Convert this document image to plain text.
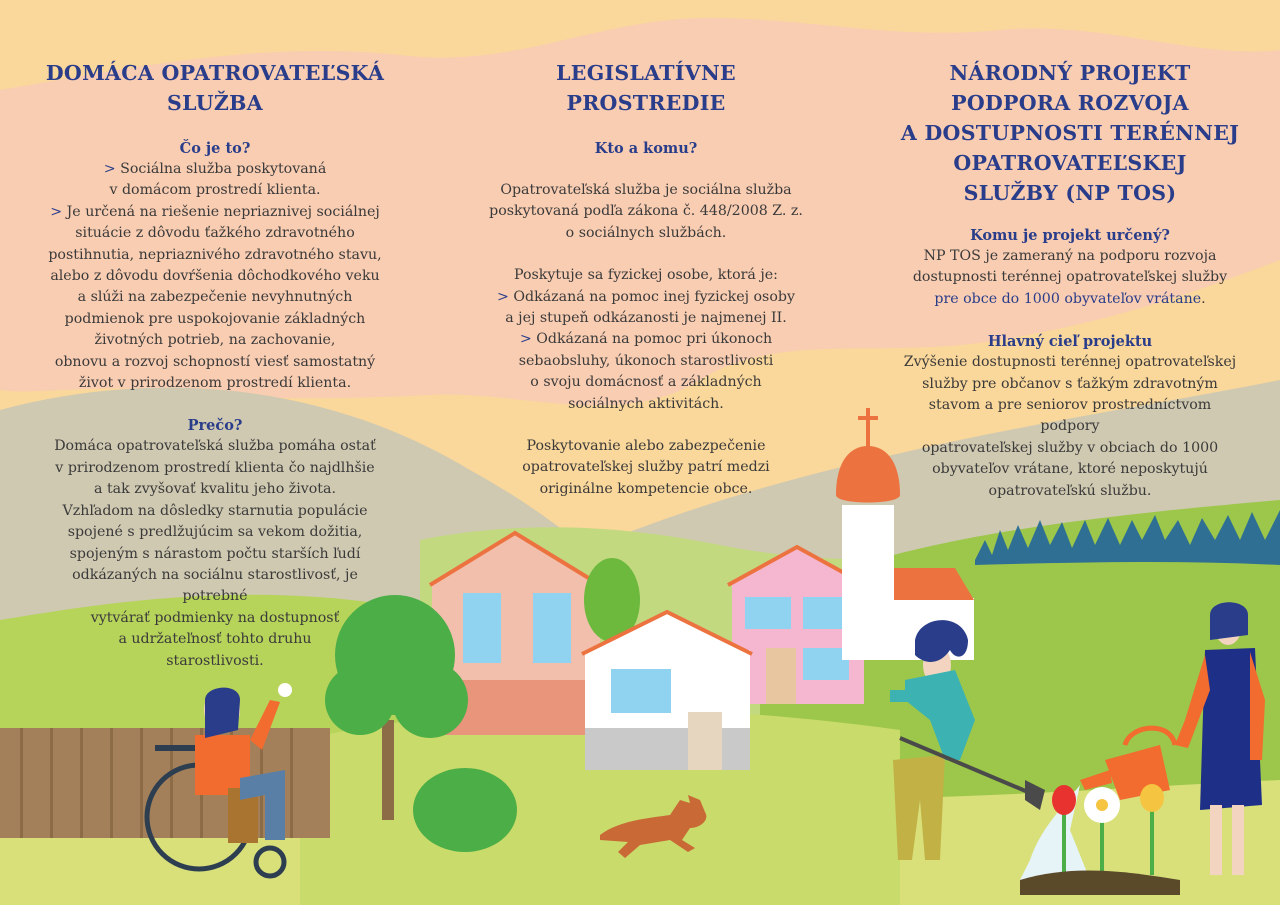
DOMÁCA OPATROVATEĽSKÁ
SLUŽBA
Čo je to?

> Sociálna služba poskytovaná

v domácom prostredí klienta.

> Je určená na riešenie nepriaznivej sociálnej

situácie z dôvodu ťažkého zdravotného

postihnutia, nepriaznivého zdravotného stavu,

alebo z dôvodu dovŕšenia dôchodkového veku

a slúži na zabezpečenie nevyhnutných

podmienok pre uspokojovanie základných

životných potrieb, na zachovanie,

obnovu a rozvoj schopností viesť samostatný

život v prirodzenom prostredí klienta.

Prečo?

Domáca opatrovateľská služba pomáha ostať

v prirodzenom prostredí klienta čo najdlhšie

a tak zvyšovať kvalitu jeho života.

Vzhľadom na dôsledky starnutia populácie

spojené s predlžujúcim sa vekom dožitia,

spojeným s nárastom počtu starších ľudí

odkázaných na sociálnu starostlivosť, je potrebné

vytvárať podmienky na dostupnosť

a udržateľnosť tohto druhu

starostlivosti.

LEGISLATÍVNE
PROSTREDIE
Kto a komu?

Opatrovateľská služba je sociálna služba

poskytovaná podľa zákona č. 448/2008 Z. z.

o sociálnych službách.

Poskytuje sa fyzickej osobe, ktorá je:

> Odkázaná na pomoc inej fyzickej osoby

a jej stupeň odkázanosti je najmenej II.

> Odkázaná na pomoc pri úkonoch

sebaobsluhy, úkonoch starostlivosti

o svoju domácnosť a základných

sociálnych aktivitách.

Poskytovanie alebo zabezpečenie

opatrovateľskej služby patrí medzi

originálne kompetencie obce.

NÁRODNÝ PROJEKT
PODPORA ROZVOJA
A DOSTUPNOSTI TERÉNNEJ
OPATROVATEĽSKEJ
SLUŽBY (NP TOS)
Komu je projekt určený?

NP TOS je zameraný na podporu rozvoja

dostupnosti terénnej opatrovateľskej služby

pre obce do 1000 obyvateľov vrátane.

Hlavný cieľ projektu

Zvýšenie dostupnosti terénnej opatrovateľskej

služby pre občanov s ťažkým zdravotným

stavom a pre seniorov prostredníctvom podpory

opatrovateľskej služby v obciach do 1000

obyvateľov vrátane, ktoré neposkytujú

opatrovateľskú službu.
